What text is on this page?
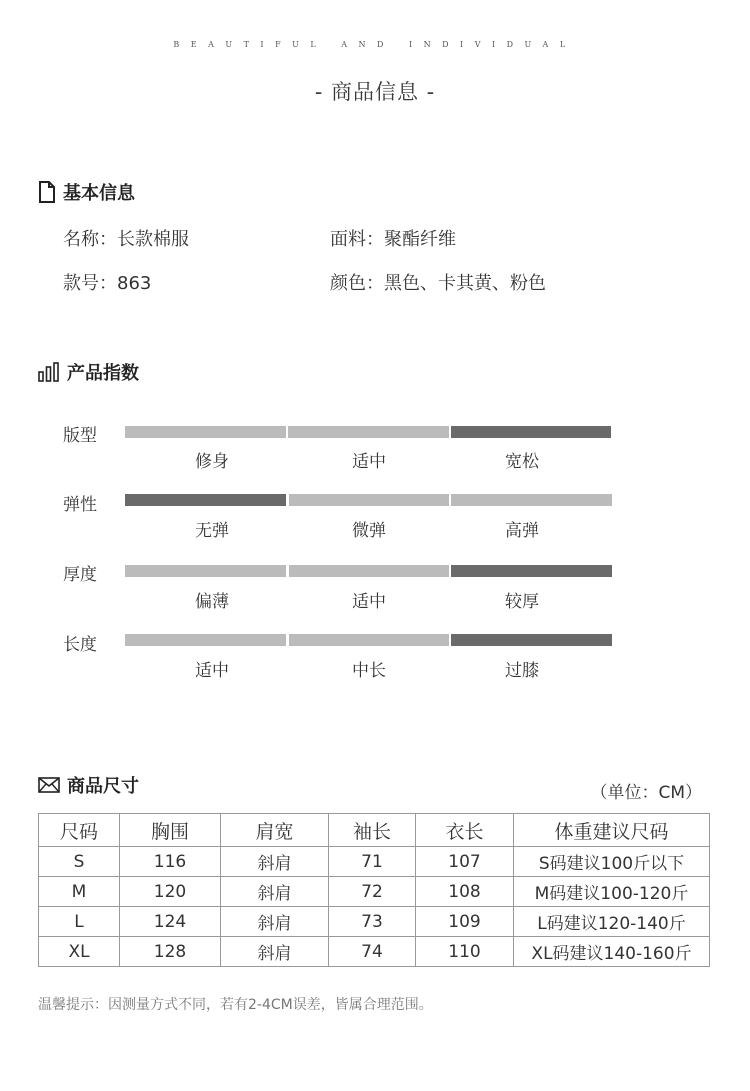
BEAUTIFUL AND INDIVIDUAL
- 商品信息 -
基本信息
名称：长款棉服	面料：聚酯纤维
款号：863	颜色：黑色、卡其黄、粉色
产品指数
版型
修身	适中	宽松
弹性
无弹	微弹	高弹
厚度
偏薄	适中	较厚
长度
适中	中长	过膝
商品尺寸	（单位：CM）
尺码	胸围	肩宽	袖长	衣长	体重建议尺码
S	116	斜肩	71	107	S码建议100斤以下
M	120	斜肩	72	108	M码建议100-120斤
L	124	斜肩	73	109	L码建议120-140斤
XL	128	斜肩	74	110	XL码建议140-160斤
温馨提示：因测量方式不同，若有2-4CM误差，皆属合理范围。
